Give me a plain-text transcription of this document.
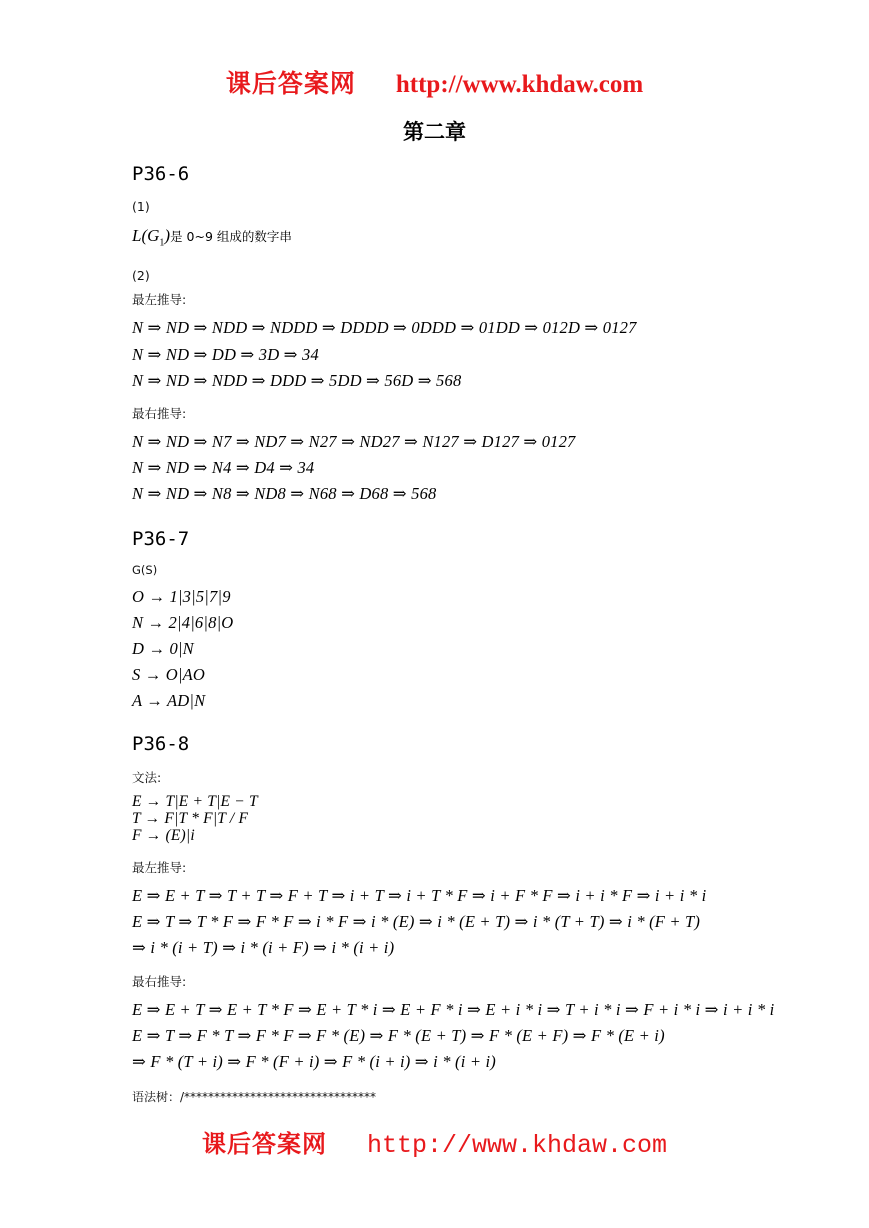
课后答案网 http://www.khdaw.com
第二章
P36-6
(1)
$L(G_1)$是 0~9 组成的数字串
(2)
最左推导:
N ⇒ ND ⇒ NDD ⇒ NDDD ⇒ DDDD ⇒ 0DDD ⇒ 01DD ⇒ 012D ⇒ 0127
N ⇒ ND ⇒ DD ⇒ 3D ⇒ 34
N ⇒ ND ⇒ NDD ⇒ DDD ⇒ 5DD ⇒ 56D ⇒ 568
最右推导:
N ⇒ ND ⇒ N7 ⇒ ND7 ⇒ N27 ⇒ ND27 ⇒ N127 ⇒ D127 ⇒ 0127
N ⇒ ND ⇒ N4 ⇒ D4 ⇒ 34
N ⇒ ND ⇒ N8 ⇒ ND8 ⇒ N68 ⇒ D68 ⇒ 568
P36-7
G(S)
O → 1|3|5|7|9
N → 2|4|6|8|O
D → 0|N
S → O|AO
A → AD|N
P36-8
文法:
E → T|E + T|E − T
T → F|T * F|T / F
F → (E)|i
最左推导:
E ⇒ E + T ⇒ T + T ⇒ F + T ⇒ i + T ⇒ i + T * F ⇒ i + F * F ⇒ i + i * F ⇒ i + i * i
E ⇒ T ⇒ T * F ⇒ F * F ⇒ i * F ⇒ i * (E) ⇒ i * (E + T) ⇒ i * (T + T) ⇒ i * (F + T)
⇒ i * (i + T) ⇒ i * (i + F) ⇒ i * (i + i)
最右推导:
E ⇒ E + T ⇒ E + T * F ⇒ E + T * i ⇒ E + F * i ⇒ E + i * i ⇒ T + i * i ⇒ F + i * i ⇒ i + i * i
E ⇒ T ⇒ F * T ⇒ F * F ⇒ F * (E) ⇒ F * (E + T) ⇒ F * (E + F) ⇒ F * (E + i)
⇒ F * (T + i) ⇒ F * (F + i) ⇒ F * (i + i) ⇒ i * (i + i)
语法树：/********************************
课后答案网 http://www.khdaw.com
